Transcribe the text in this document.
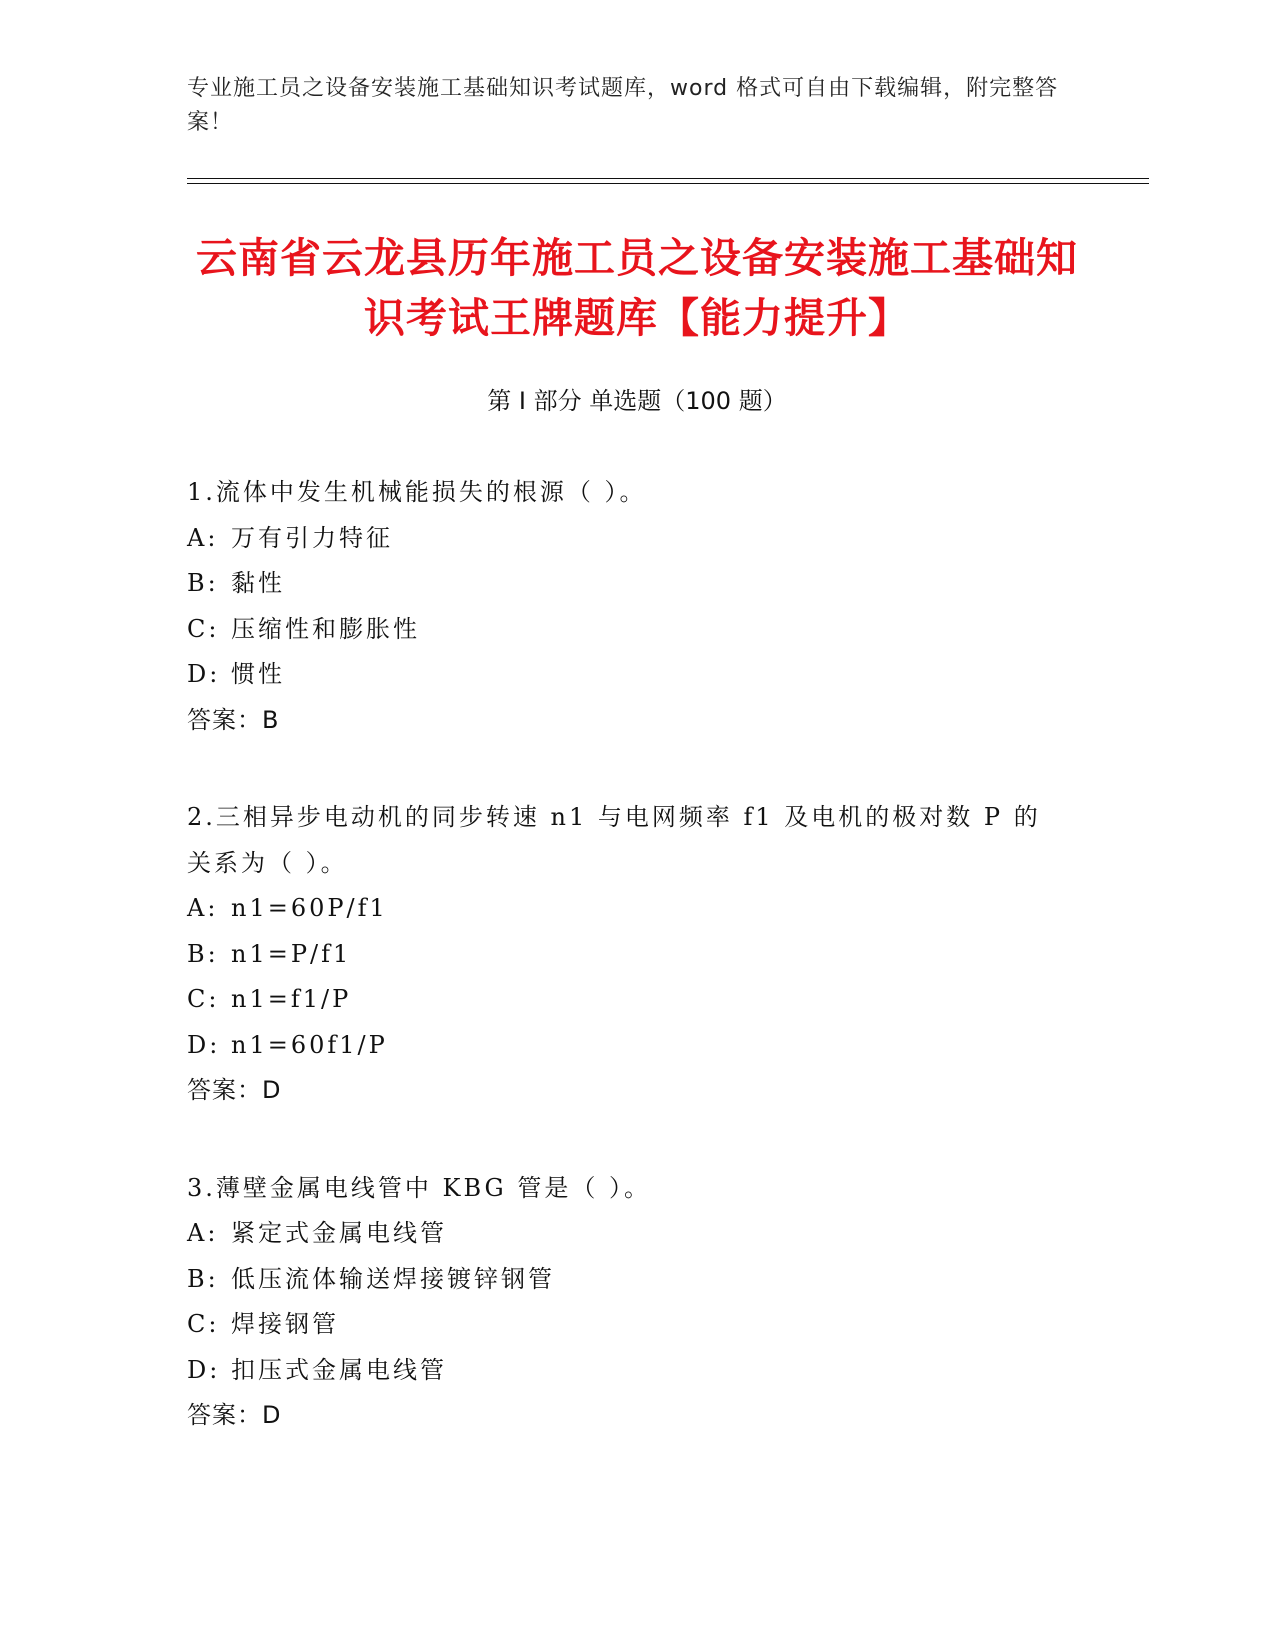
专业施工员之设备安装施工基础知识考试题库，word 格式可自由下载编辑，附完整答案！
云南省云龙县历年施工员之设备安装施工基础知识考试王牌题库【能力提升】
第 I 部分 单选题（100 题）

1.流体中发生机械能损失的根源（ ）。

A: 万有引力特征

B: 黏性

C: 压缩性和膨胀性

D: 惯性

答案：B

2.三相异步电动机的同步转速 n1 与电网频率 f1 及电机的极对数 P 的关系为（ ）。

A: n1=60P/f1

B: n1=P/f1

C: n1=f1/P

D: n1=60f1/P

答案：D

3.薄壁金属电线管中 KBG 管是（ ）。

A: 紧定式金属电线管

B: 低压流体输送焊接镀锌钢管

C: 焊接钢管

D: 扣压式金属电线管

答案：D
